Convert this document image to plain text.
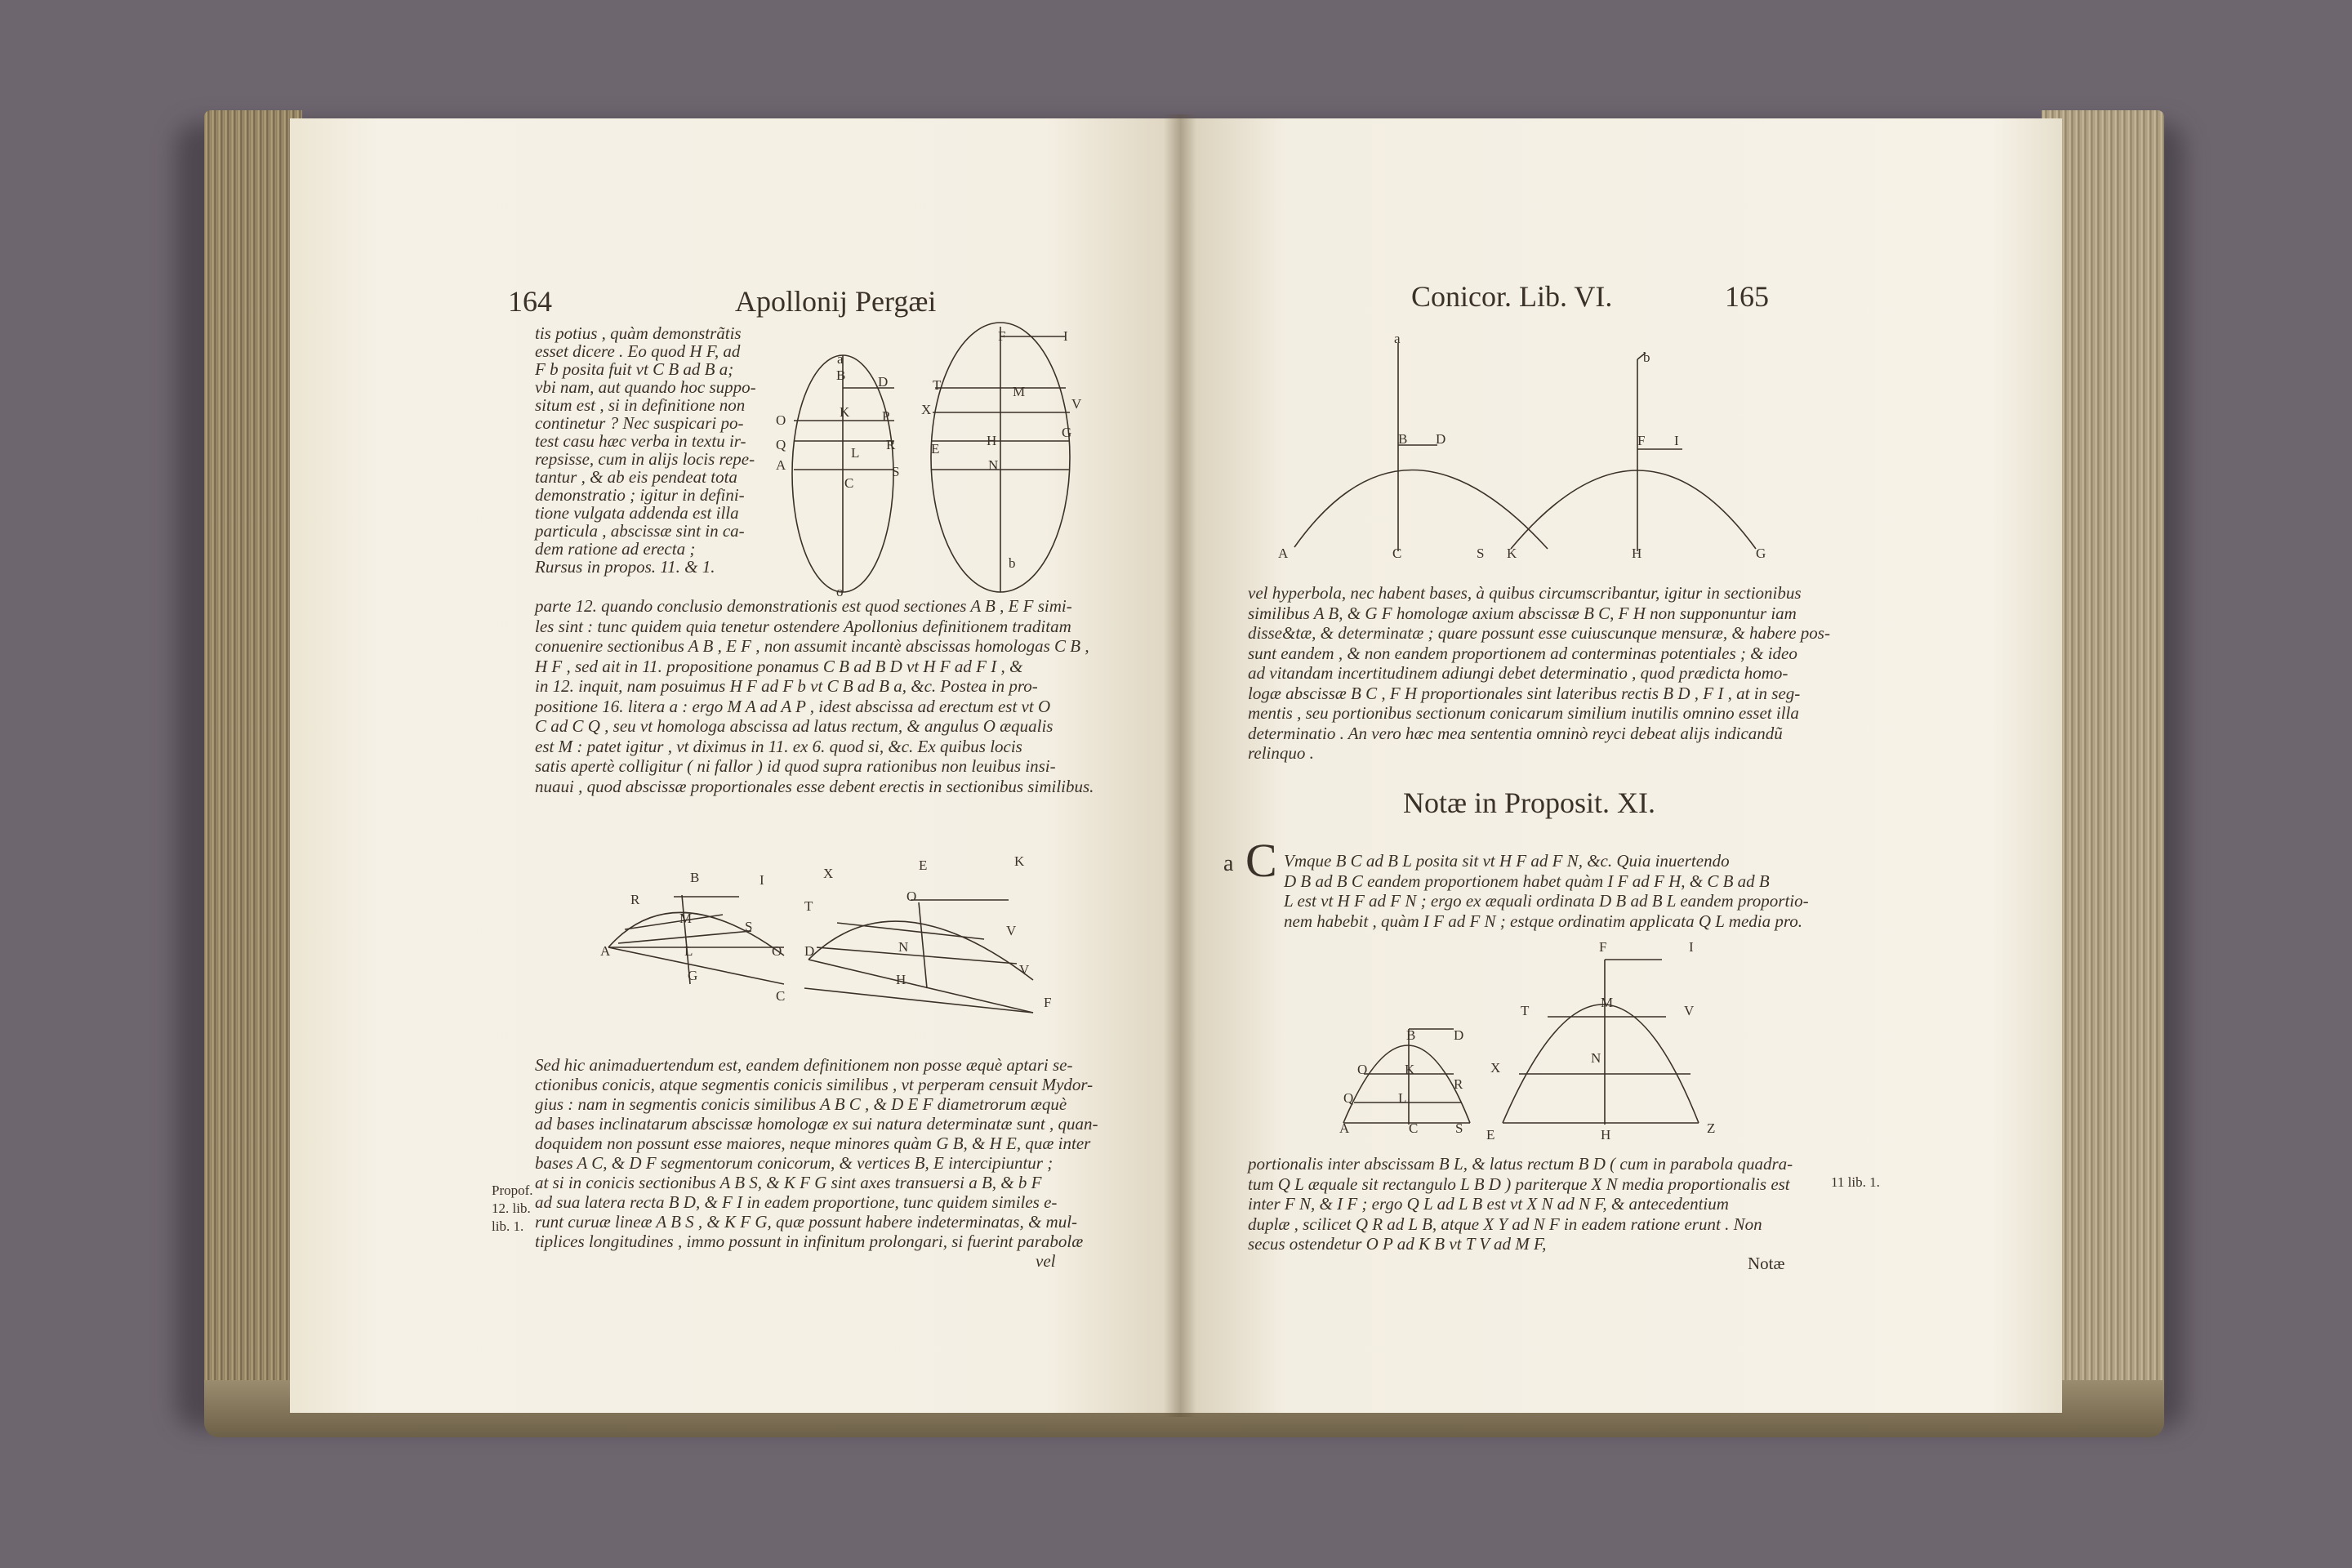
164	Apollonij Pergæi
tis potius , quàm demonstrãtis
esset dicere . Eo quod H F, ad
F b posita fuit vt C B ad B a;
vbi nam, aut quando hoc suppo-
situm est , si in definitione non
continetur ? Nec suspicari po-
test casu hæc verba in textu ir-
repsisse, cum in alijs locis repe-
tantur , & ab eis pendeat tota
demonstratio ; igitur in defini-
tione vulgata addenda est illa
particula , abscissæ sint in ca-
dem ratione ad erecta ;
Rursus in propos. 11. & 1.
parte 12. quando conclusio demonstrationis est quod sectiones A B , E F simi-
les sint : tunc quidem quia tenetur ostendere Apollonius definitionem traditam
conuenire sectionibus A B , E F , non assumit incantè abscissas homologas C B ,
H F , sed ait in 11. propositione ponamus C B ad B D vt H F ad F I , &
in 12. inquit, nam posuimus H F ad F b vt C B ad B a, &c. Postea in pro-
positione 16. litera a : ergo M A ad A P , idest abscissa ad erectum est vt O
C ad C Q , seu vt homologa abscissa ad latus rectum, & angulus O æqualis
est M : patet igitur , vt diximus in 11. ex 6. quod si, &c. Ex quibus locis
satis apertè colligitur ( ni fallor ) id quod supra rationibus non leuibus insi-
nuaui , quod abscissæ proportionales esse debent erectis in sectionibus similibus.
Sed hic animaduertendum est, eandem definitionem non posse æquè aptari se-
ctionibus conicis, atque segmentis conicis similibus , vt perperam censuit Mydor-
gius : nam in segmentis conicis similibus A B C , & D E F diametrorum æquè
ad bases inclinatarum abscissæ homologæ ex sui natura determinatæ sunt , quan-
doquidem non possunt esse maiores, neque minores quàm G B, & H E, quæ inter
bases A C, & D F segmentorum conicorum, & vertices B, E intercipiuntur ;
at si in conicis sectionibus A B S, & K F G sint axes transuersi a B, & b F
ad sua latera recta B D, & F I in eadem proportione, tunc quidem similes e-
runt curuæ lineæ A B S , & K F G, quæ possunt habere indeterminatas, & mul-
tiplices longitudines , immo possunt in infinitum prolongari, si fuerint parabolæ
vel
Propof.
12. lib.
lib. 1.
F	I
T	M
X
B D
V
K P
O
Q	H
R
A
L
S
C
E
N
G
a
b
o
B	I
R
M
S
A	L	O
G
C
X
E	K
T
O
D	N
V
H
V
F
Conicor. Lib. VI.	165
a
B D
A	C	S K
b
F I
H	G
vel hyperbola, nec habent bases, à quibus circumscribantur, igitur in sectionibus
similibus A B, & G F homologæ axium abscissæ B C, F H non supponuntur iam
disse&tæ, & determinatæ ; quare possunt esse cuiuscunque mensuræ, & habere pos-
sunt eandem , & non eandem proportionem ad conterminas potentiales ; & ideo
ad vitandam incertitudinem adiungi debet determinatio , quod prædicta homo-
logæ abscissæ B C , F H proportionales sint lateribus rectis B D , F I , at in seg-
mentis , seu portionibus sectionum conicarum similium inutilis omnino esset illa
determinatio . An vero hæc mea sententia omninò reyci debeat alijs indicandũ
relinquo .
Notæ in Proposit. XI.
a C Vmque B C ad B L posita sit vt H F ad F N, &c. Quia inuertendo
D B ad B C eandem proportionem habet quàm I F ad F H, & C B ad B
L est vt H F ad F N ; ergo ex æquali ordinata D B ad B L eandem proportio-
nem habebit , quàm I F ad F N ; estque ordinatim applicata Q L media pro.
F	I
T
M
V
B	D
O	X
N
K
R
Q	L
A	C	S E	H	Z
portionalis inter abscissam B L, & latus rectum B D ( cum in parabola quadra-
tum Q L æquale sit rectangulo L B D ) pariterque X N media proportionalis est
inter F N, & I F ; ergo Q L ad L B est vt X N ad N F, & antecedentium
duplæ , scilicet Q R ad L B, atque X Y ad N F in eadem ratione erunt . Non
secus ostendetur O P ad K B vt T V ad M F,
11 lib. 1.
Notæ
